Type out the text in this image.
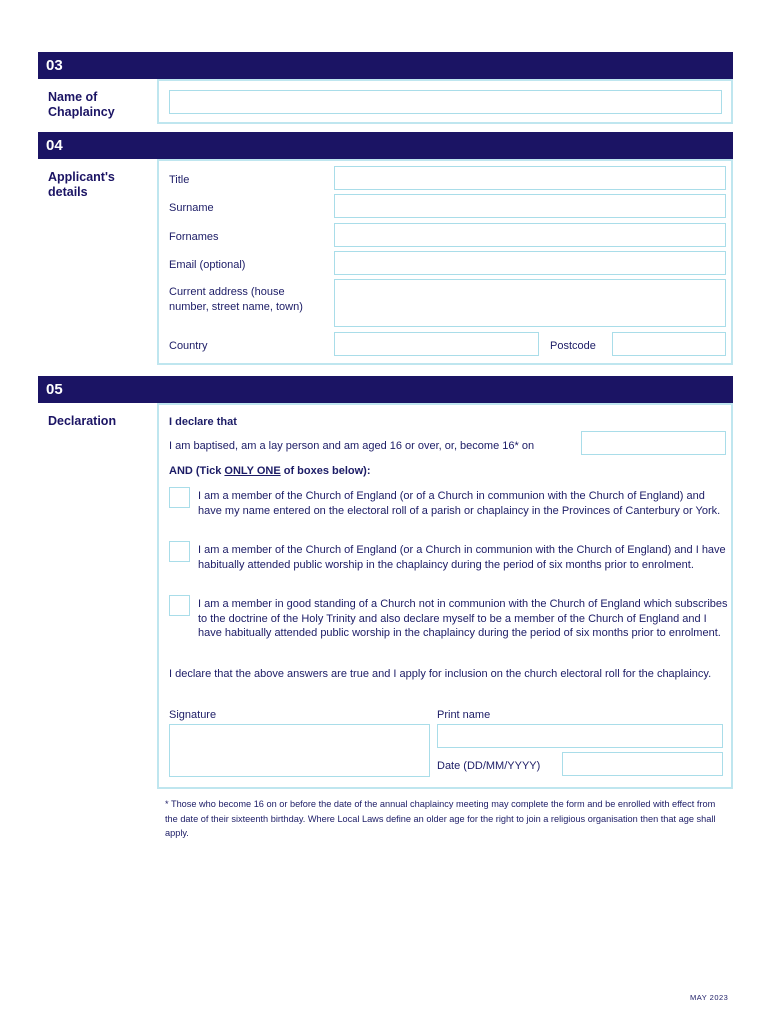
03
Name of Chaplaincy
04
Applicant's details
Title
Surname
Fornames
Email (optional)
Current address (house number, street name, town)
Country	Postcode
05
Declaration	I declare that
I am baptised, am a lay person and am aged 16 or over, or, become 16* on
AND (Tick ONLY ONE of boxes below):
I am a member of the Church of England (or of a Church in communion with the Church of England) and have my name entered on the electoral roll of a parish or chaplaincy in the Provinces of Canterbury or York.
I am a member of the Church of England (or a Church in communion with the Church of England) and I have habitually attended public worship in the chaplaincy during the period of six months prior to enrolment.
I am a member in good standing of a Church not in communion with the Church of England which subscribes to the doctrine of the Holy Trinity and also declare myself to be a member of the Church of England and I have habitually attended public worship in the chaplaincy during the period of six months prior to enrolment.
I declare that the above answers are true and I apply for inclusion on the church electoral roll for the chaplaincy.
Signature	Print name
Date (DD/MM/YYYY)
* Those who become 16 on or before the date of the annual chaplaincy meeting may complete the form and be enrolled with effect from the date of their sixteenth birthday. Where Local Laws define an older age for the right to join a religious organisation then that age shall apply.
MAY 2023
